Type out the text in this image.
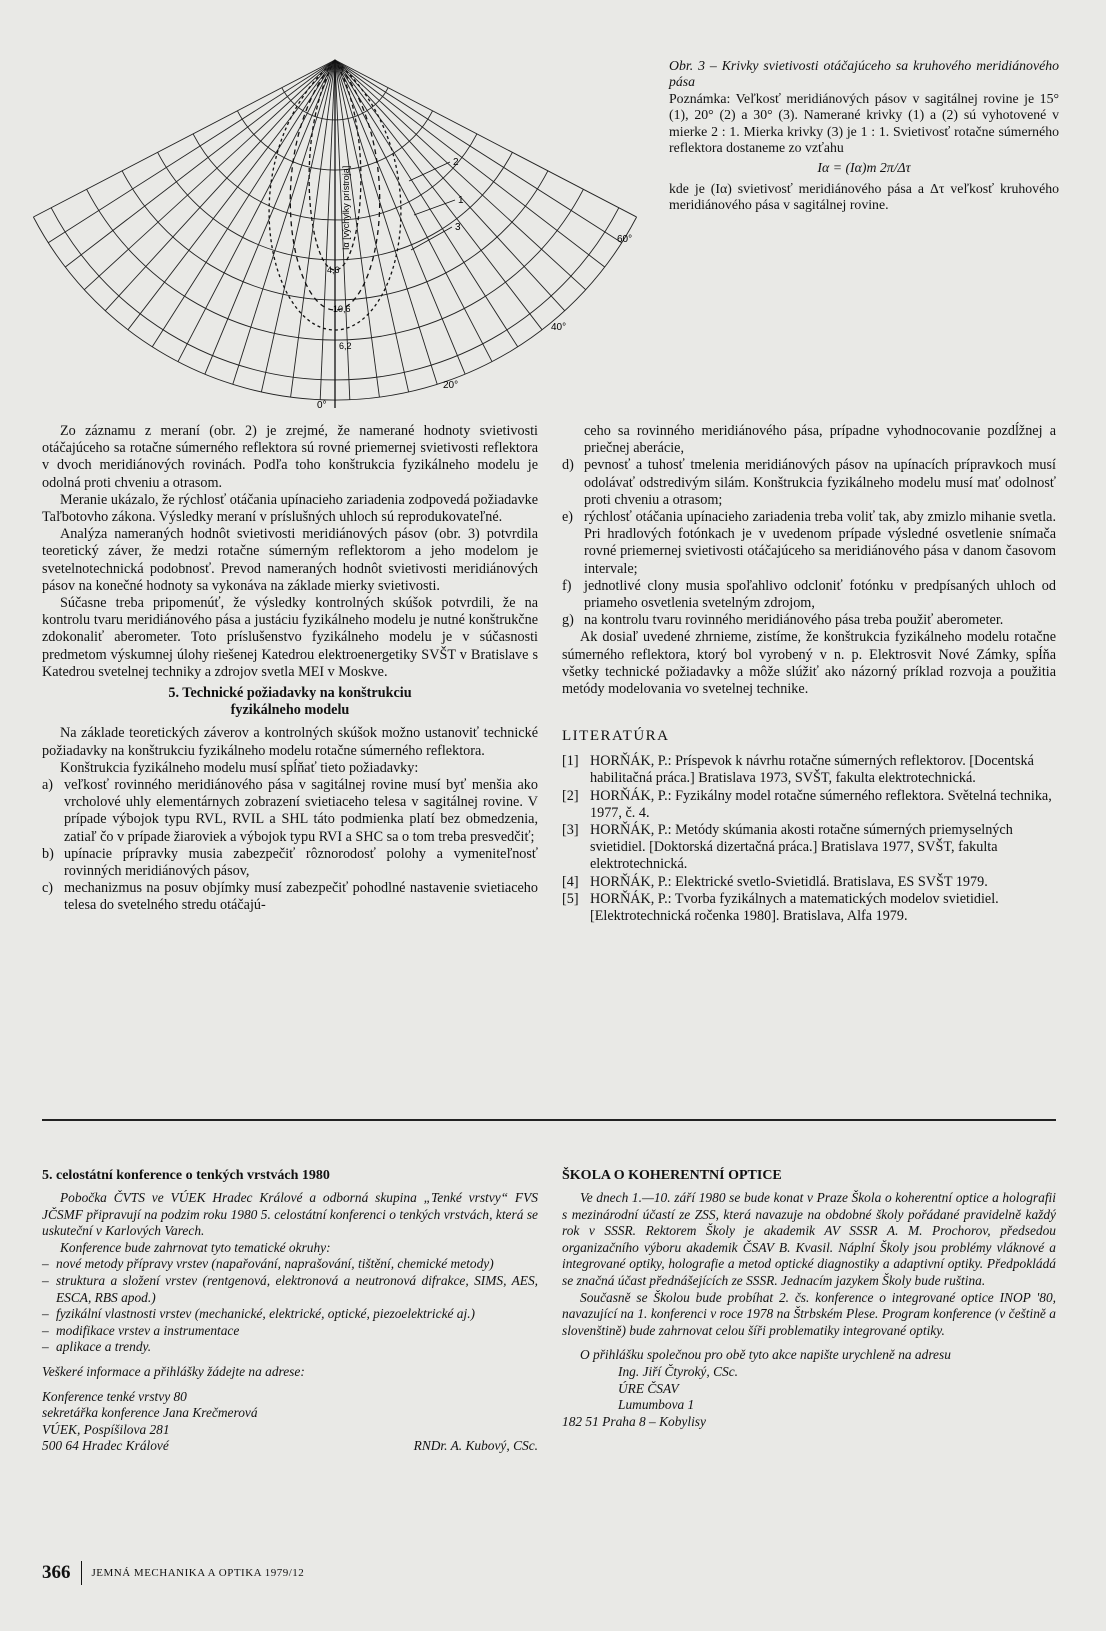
Iα [výchylky prístroja]
0°
20°
40°
60°
1
2
3
4,6
10,6
6,2

Obr. 3 – Krivky svietivosti otáčajúceho sa kruhového meridiánového pása

Poznámka: Veľkosť meridiánových pásov v sagitálnej rovine je 15° (1), 20° (2) a 30° (3). Namerané krivky (1) a (2) sú vyhotovené v mierke 2 : 1. Mierka krivky (3) je 1 : 1. Svietivosť rotačne súmerného reflektora dostaneme zo vzťahu

Iα = (Iα)m 2π/Δτ

kde je (Iα) svietivosť meridiánového pása a Δτ veľkosť kruhového meridiánového pása v sagitálnej rovine.

Zo záznamu z meraní (obr. 2) je zrejmé, že namerané hodnoty svietivosti otáčajúceho sa rotačne súmerného reflektora sú rovné priemernej svietivosti reflektora v dvoch meridiánových rovinách. Podľa toho konštrukcia fyzikálneho modelu je odolná proti chveniu a otrasom.

Meranie ukázalo, že rýchlosť otáčania upínacieho zariadenia zodpovedá požiadavke Taľbotovho zákona. Výsledky meraní v príslušných uhloch sú reprodukovateľné.

Analýza nameraných hodnôt svietivosti meridiánových pásov (obr. 3) potvrdila teoretický záver, že medzi rotačne súmerným reflektorom a jeho modelom je svetelnotechnická podobnosť. Prevod nameraných hodnôt svietivosti meridiánových pásov na konečné hodnoty sa vykonáva na základe mierky svietivosti.

Súčasne treba pripomenúť, že výsledky kontrolných skúšok potvrdili, že na kontrolu tvaru meridiánového pása a justáciu fyzikálneho modelu je nutné konštrukčne zdokonaliť aberometer. Toto príslušenstvo fyzikálneho modelu je v súčasnosti predmetom výskumnej úlohy riešenej Katedrou elektroenergetiky SVŠT v Bratislave s Katedrou svetelnej techniky a zdrojov svetla MEI v Moskve.

5. Technické požiadavky na konštrukciu
fyzikálneho modelu

Na základe teoretických záverov a kontrolných skúšok možno ustanoviť technické požiadavky na konštrukciu fyzikálneho modelu rotačne súmerného reflektora.

Konštrukcia fyzikálneho modelu musí spĺňať tieto požiadavky:

a) veľkosť rovinného meridiánového pása v sagitálnej rovine musí byť menšia ako vrcholové uhly elementárnych zobrazení svietiaceho telesa v sagitálnej rovine. V prípade výbojok typu RVL, RVIL a SHL táto podmienka platí bez obmedzenia, zatiaľ čo v prípade žiaroviek a výbojok typu RVI a SHC sa o tom treba presvedčiť;
b) upínacie prípravky musia zabezpečiť rôznorodosť polohy a vymeniteľnosť rovinných meridiánových pásov,
c) mechanizmus na posuv objímky musí zabezpečiť pohodlné nastavenie svietiaceho telesa do svetelného stredu otáčajú-
ceho sa rovinného meridiánového pása, prípadne vyhodnocovanie pozdĺžnej a priečnej aberácie,
d) pevnosť a tuhosť tmelenia meridiánových pásov na upínacích prípravkoch musí odolávať odstredivým silám. Konštrukcia fyzikálneho modelu musí mať odolnosť proti chveniu a otrasom;
e) rýchlosť otáčania upínacieho zariadenia treba voliť tak, aby zmizlo mihanie svetla. Pri hradlových fotónkach je v uvedenom prípade výsledné osvetlenie snímača rovné priemernej svietivosti otáčajúceho sa meridiánového pása v danom časovom intervale;
f) jednotlivé clony musia spoľahlivo odcloniť fotónku v predpísaných uhloch od priameho osvetlenia svetelným zdrojom,
g) na kontrolu tvaru rovinného meridiánového pása treba použiť aberometer.

Ak dosiaľ uvedené zhrnieme, zistíme, že konštrukcia fyzikálneho modelu rotačne súmerného reflektora, ktorý bol vyrobený v n. p. Elektrosvit Nové Zámky, spĺňa všetky technické požiadavky a môže slúžiť ako názorný príklad rozvoja a použitia metódy modelovania vo svetelnej technike.

LITERATÚRA
[1] HORŇÁK, P.: Príspevok k návrhu rotačne súmerných reflektorov. [Docentská habilitačná práca.] Bratislava 1973, SVŠT, fakulta elektrotechnická.
[2] HORŇÁK, P.: Fyzikálny model rotačne súmerného reflektora. Světelná technika, 1977, č. 4.
[3] HORŇÁK, P.: Metódy skúmania akosti rotačne súmerných priemyselných svietidiel. [Doktorská dizertačná práca.] Bratislava 1977, SVŠT, fakulta elektrotechnická.
[4] HORŇÁK, P.: Elektrické svetlo-Svietidlá. Bratislava, ES SVŠT 1979.
[5] HORŇÁK, P.: Tvorba fyzikálnych a matematických modelov svietidiel. [Elektrotechnická ročenka 1980]. Bratislava, Alfa 1979.
5. celostátní konference o tenkých vrstvách 1980

Pobočka ČVTS ve VÚEK Hradec Králové a odborná skupina „Tenké vrstvy“ FVS JČSMF připravují na podzim roku 1980 5. celostátní konferenci o tenkých vrstvách, která se uskuteční v Karlových Varech.

Konference bude zahrnovat tyto tematické okruhy:

– nové metody přípravy vrstev (napařování, naprašování, tištění, chemické metody)

– struktura a složení vrstev (rentgenová, elektronová a neutronová difrakce, SIMS, AES, ESCA, RBS apod.)

– fyzikální vlastnosti vrstev (mechanické, elektrické, optické, piezoelektrické aj.)

– modifikace vrstev a instrumentace

– aplikace a trendy.

Veškeré informace a přihlášky žádejte na adrese:

Konference tenké vrstvy 80

sekretářka konference Jana Krečmerová

VÚEK, Pospíšilova 281

500 64 Hradec Králové	RNDr. A. Kubový, CSc.
ŠKOLA O KOHERENTNÍ OPTICE

Ve dnech 1.—10. září 1980 se bude konat v Praze Škola o koherentní optice a holografii s mezinárodní účastí ze ZSS, která navazuje na obdobné školy pořádané pravidelně každý rok v SSSR. Rektorem Školy je akademik AV SSSR A. M. Prochorov, předsedou organizačního výboru akademik ČSAV B. Kvasil. Náplní Školy jsou problémy vláknové a integrované optiky, holografie a metod optické diagnostiky a adaptivní optiky. Předpokládá se značná účast přednášejících ze SSSR. Jednacím jazykem Školy bude ruština.

Současně se Školou bude probíhat 2. čs. konference o integrované optice INOP '80, navazující na 1. konferenci v roce 1978 na Štrbském Plese. Program konference (v češtině a slovenštině) bude zahrnovat celou šíři problematiky integrované optiky.

O přihlášku společnou pro obě tyto akce napište urychleně na adresu

Ing. Jiří Čtyroký, CSc.

ÚRE ČSAV

Lumumbova 1

182 51 Praha 8 – Kobylisy

366 JEMNÁ MECHANIKA A OPTIKA 1979/12
